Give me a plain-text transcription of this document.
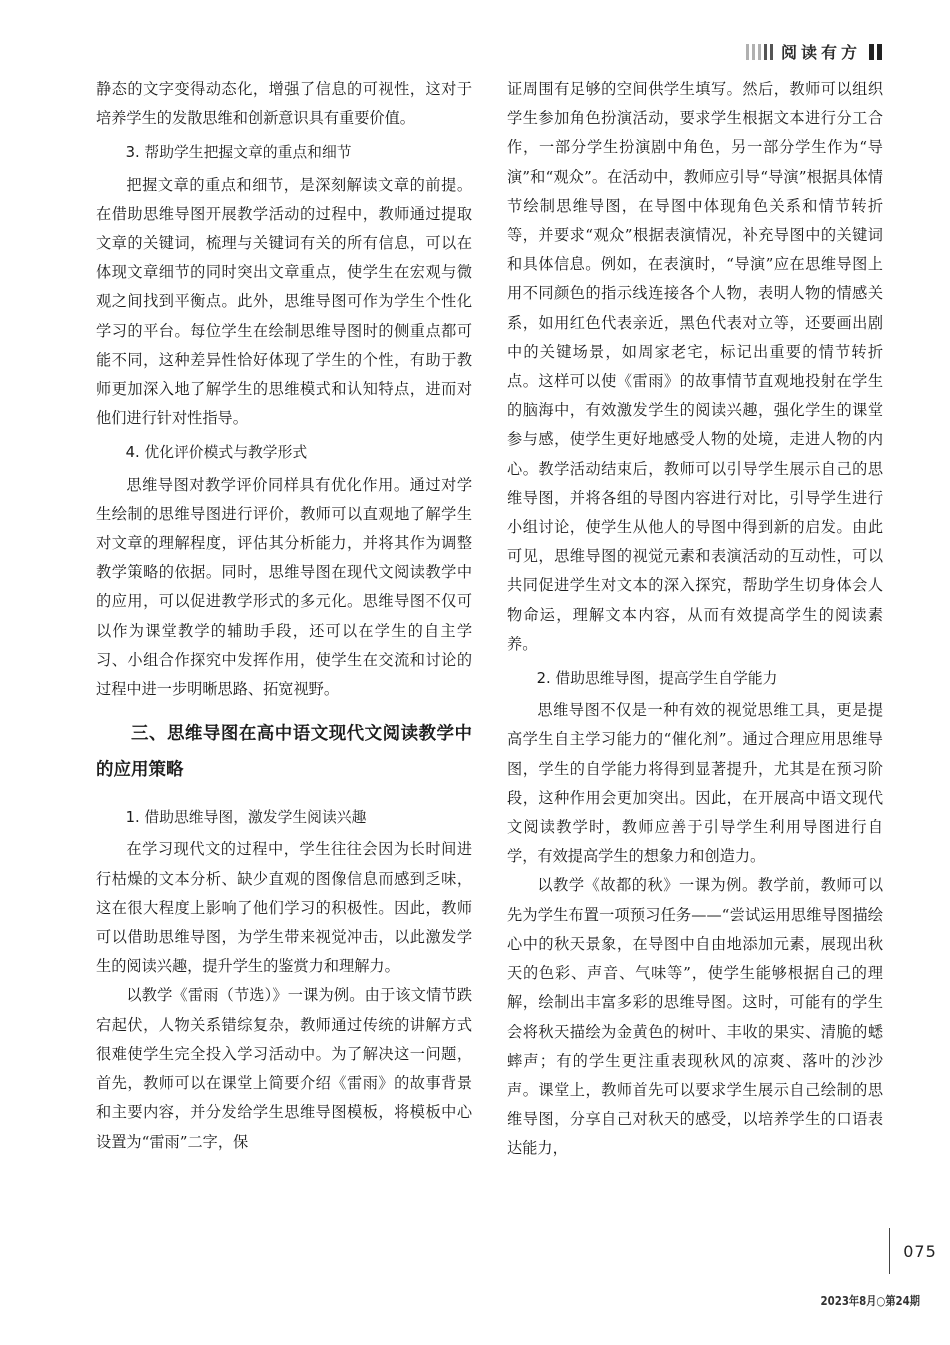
阅读有方

静态的文字变得动态化，增强了信息的可视性，这对于培养学生的发散思维和创新意识具有重要价值。

3. 帮助学生把握文章的重点和细节

把握文章的重点和细节，是深刻解读文章的前提。在借助思维导图开展教学活动的过程中，教师通过提取文章的关键词，梳理与关键词有关的所有信息，可以在体现文章细节的同时突出文章重点，使学生在宏观与微观之间找到平衡点。此外，思维导图可作为学生个性化学习的平台。每位学生在绘制思维导图时的侧重点都可能不同，这种差异性恰好体现了学生的个性，有助于教师更加深入地了解学生的思维模式和认知特点，进而对他们进行针对性指导。

4. 优化评价模式与教学形式

思维导图对教学评价同样具有优化作用。通过对学生绘制的思维导图进行评价，教师可以直观地了解学生对文章的理解程度，评估其分析能力，并将其作为调整教学策略的依据。同时，思维导图在现代文阅读教学中的应用，可以促进教学形式的多元化。思维导图不仅可以作为课堂教学的辅助手段，还可以在学生的自主学习、小组合作探究中发挥作用，使学生在交流和讨论的过程中进一步明晰思路、拓宽视野。

三、思维导图在高中语文现代文阅读教学中的应用策略
1. 借助思维导图，激发学生阅读兴趣

在学习现代文的过程中，学生往往会因为长时间进行枯燥的文本分析、缺少直观的图像信息而感到乏味，这在很大程度上影响了他们学习的积极性。因此，教师可以借助思维导图，为学生带来视觉冲击，以此激发学生的阅读兴趣，提升学生的鉴赏力和理解力。

以教学《雷雨（节选）》一课为例。由于该文情节跌宕起伏，人物关系错综复杂，教师通过传统的讲解方式很难使学生完全投入学习活动中。为了解决这一问题，首先，教师可以在课堂上简要介绍《雷雨》的故事背景和主要内容，并分发给学生思维导图模板，将模板中心设置为“雷雨”二字，保

证周围有足够的空间供学生填写。然后，教师可以组织学生参加角色扮演活动，要求学生根据文本进行分工合作，一部分学生扮演剧中角色，另一部分学生作为“导演”和“观众”。在活动中，教师应引导“导演”根据具体情节绘制思维导图，在导图中体现角色关系和情节转折等，并要求“观众”根据表演情况，补充导图中的关键词和具体信息。例如，在表演时，“导演”应在思维导图上用不同颜色的指示线连接各个人物，表明人物的情感关系，如用红色代表亲近，黑色代表对立等，还要画出剧中的关键场景，如周家老宅，标记出重要的情节转折点。这样可以使《雷雨》的故事情节直观地投射在学生的脑海中，有效激发学生的阅读兴趣，强化学生的课堂参与感，使学生更好地感受人物的处境，走进人物的内心。教学活动结束后，教师可以引导学生展示自己的思维导图，并将各组的导图内容进行对比，引导学生进行小组讨论，使学生从他人的导图中得到新的启发。由此可见，思维导图的视觉元素和表演活动的互动性，可以共同促进学生对文本的深入探究，帮助学生切身体会人物命运，理解文本内容，从而有效提高学生的阅读素养。

2. 借助思维导图，提高学生自学能力

思维导图不仅是一种有效的视觉思维工具，更是提高学生自主学习能力的“催化剂”。通过合理应用思维导图，学生的自学能力将得到显著提升，尤其是在预习阶段，这种作用会更加突出。因此，在开展高中语文现代文阅读教学时，教师应善于引导学生利用导图进行自学，有效提高学生的想象力和创造力。

以教学《故都的秋》一课为例。教学前，教师可以先为学生布置一项预习任务——“尝试运用思维导图描绘心中的秋天景象，在导图中自由地添加元素，展现出秋天的色彩、声音、气味等”，使学生能够根据自己的理解，绘制出丰富多彩的思维导图。这时，可能有的学生会将秋天描绘为金黄色的树叶、丰收的果实、清脆的蟋蟀声；有的学生更注重表现秋风的凉爽、落叶的沙沙声。课堂上，教师首先可以要求学生展示自己绘制的思维导图，分享自己对秋天的感受，以培养学生的口语表达能力，

075
2023年8月○第24期
